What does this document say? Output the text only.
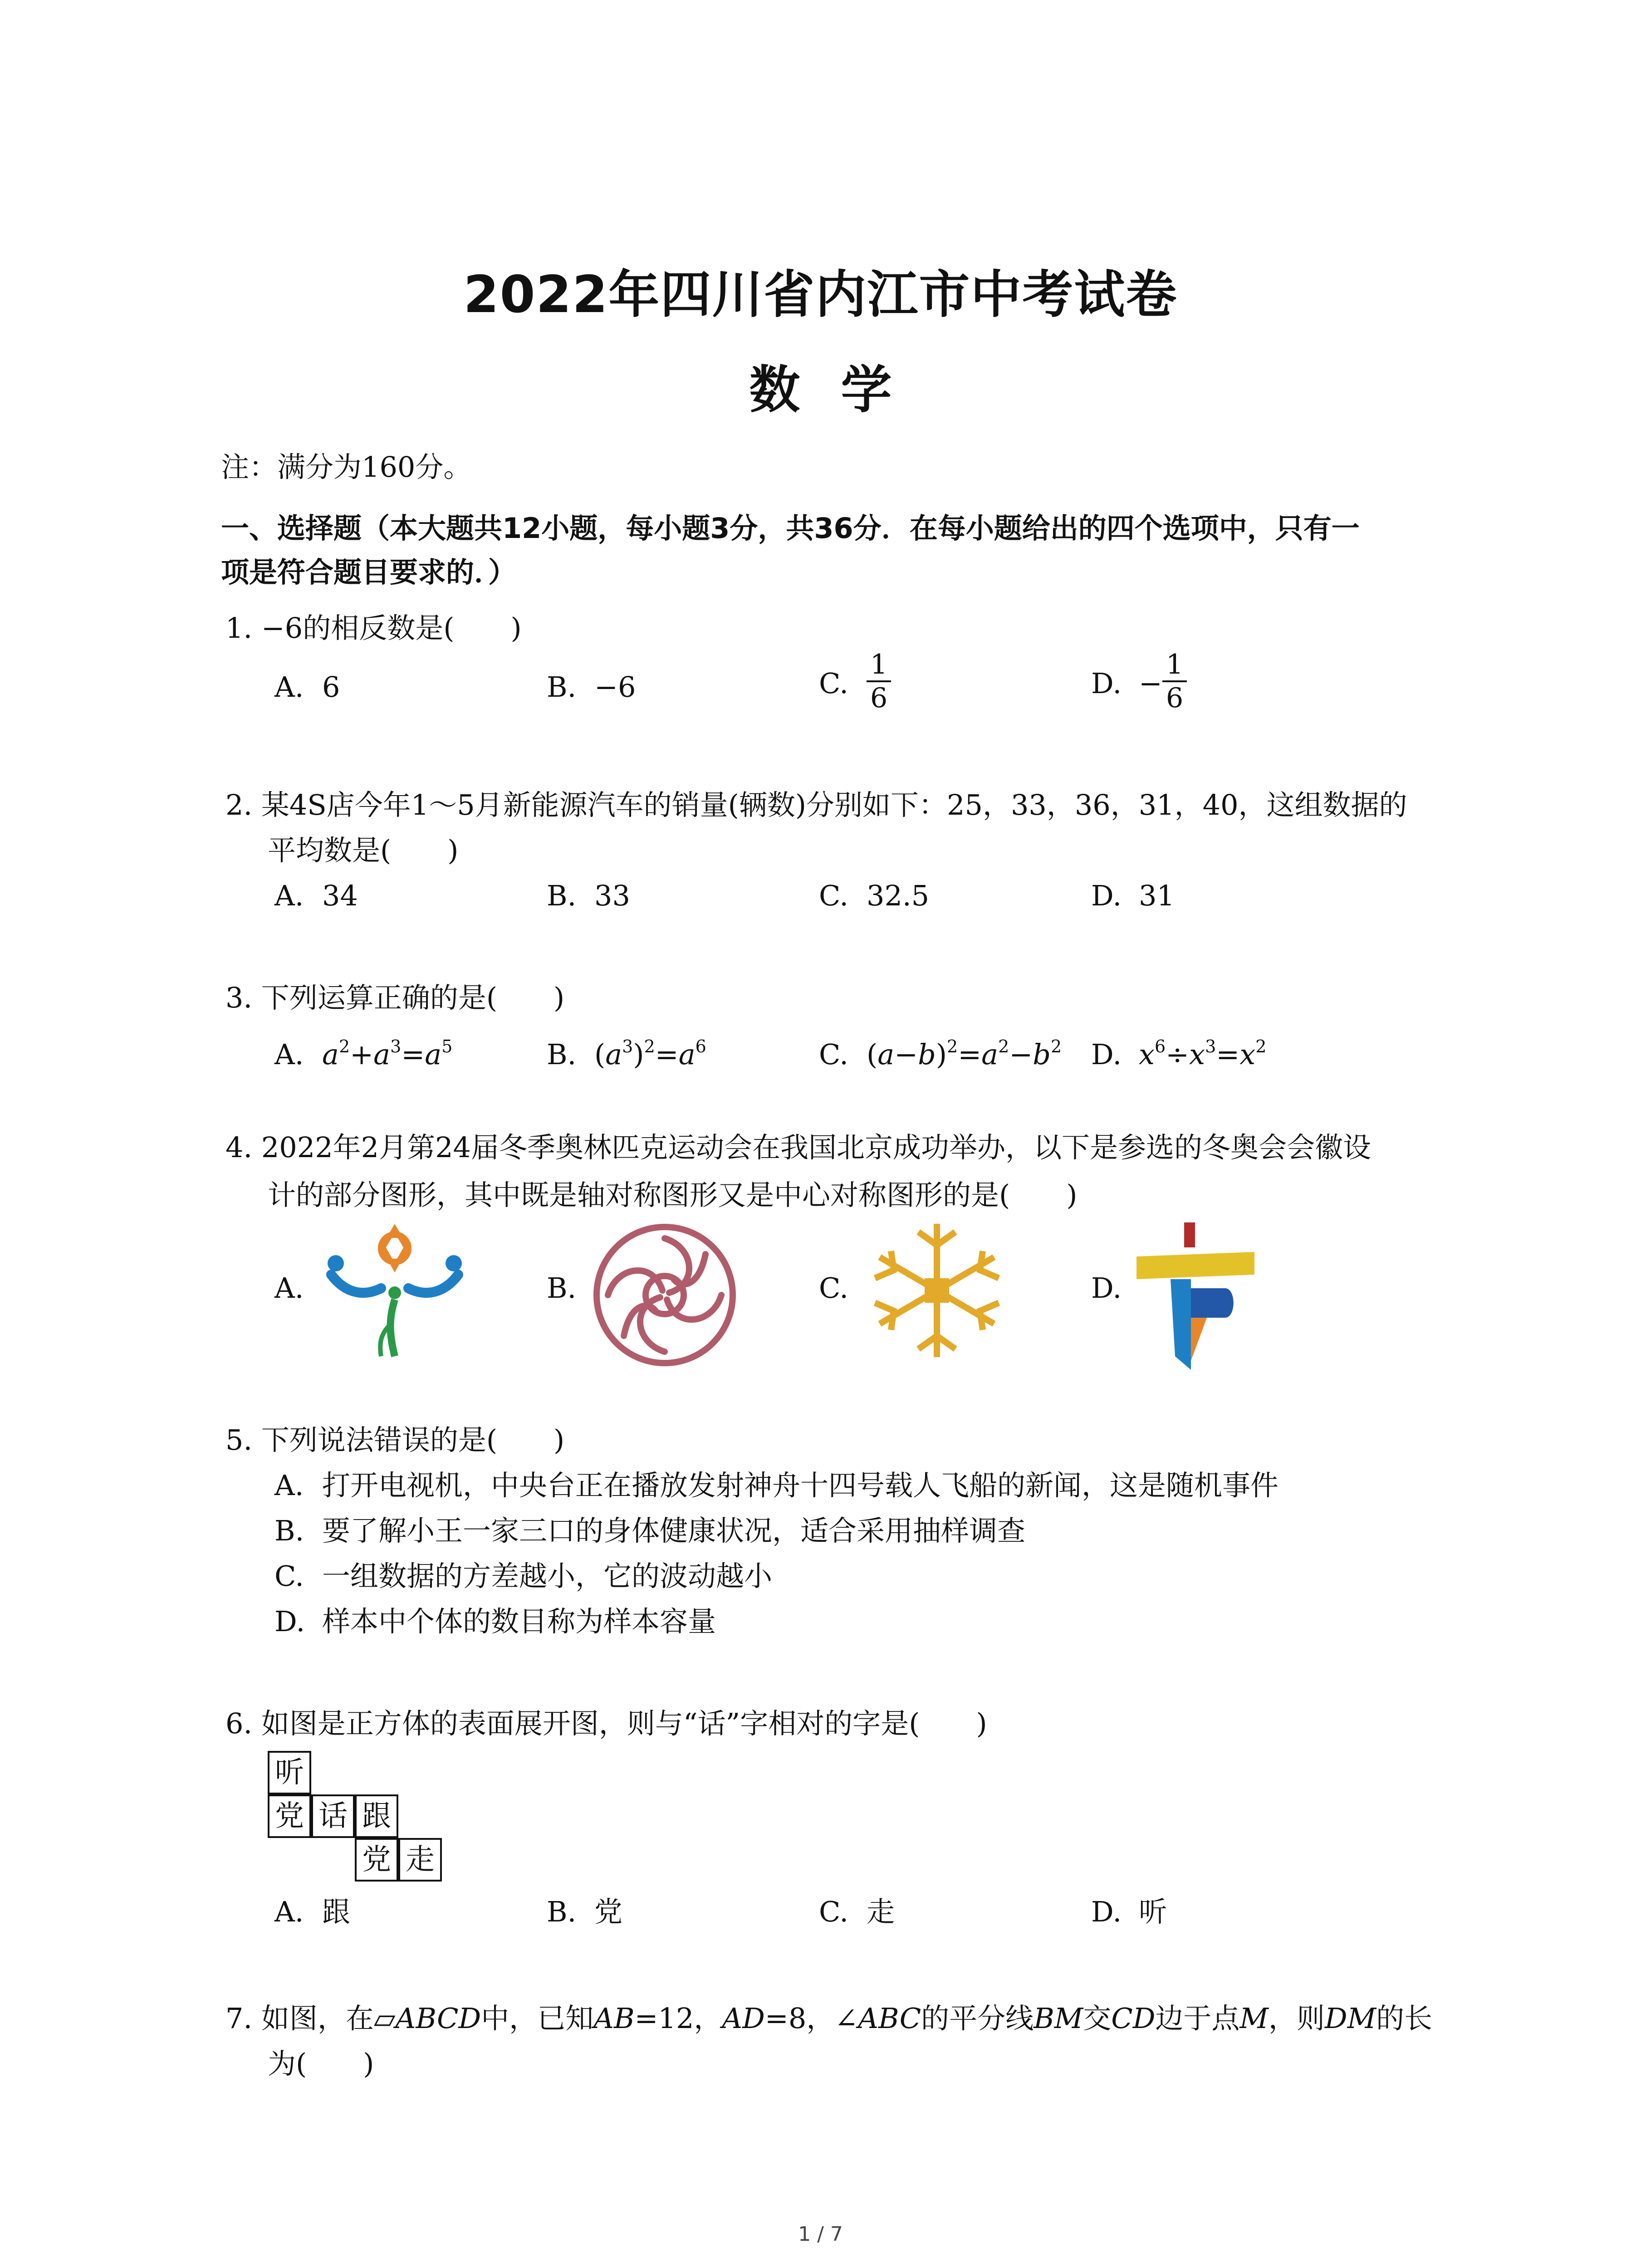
2022年四川省内江市中考试卷
数学
注：满分为160分。
一、选择题（本大题共12小题，每小题3分，共36分．在每小题给出的四个选项中，只有一
项是符合题目要求的．）
1. −6的相反数是(　　)
A. 6	B. −6	C. $\frac{1}{6}$	D. − $\frac{1}{6}$
2. 某4S店今年1～5月新能源汽车的销量(辆数)分别如下：25，33，36，31，40，这组数据的
平均数是(　　)
A. 34	B. 33	C. 32.5	D. 31
3. 下列运算正确的是(　　)
A. $a^2+a^3=a^5$	B. $(a^3)^2=a^6$	C. $(a-b)^2=a^2-b^2$ D. $x^6\div x^3=x^2$
4. 2022年2月第24届冬季奥林匹克运动会在我国北京成功举办，以下是参选的冬奥会会徽设
计的部分图形，其中既是轴对称图形又是中心对称图形的是(　　)
A.	B.	C.	D.
5. 下列说法错误的是(　　)
A. 打开电视机，中央台正在播放发射神舟十四号载人飞船的新闻，这是随机事件
B. 要了解小王一家三口的身体健康状况，适合采用抽样调查
C. 一组数据的方差越小，它的波动越小
D. 样本中个体的数目称为样本容量
6. 如图是正方体的表面展开图，则与“话”字相对的字是(　　)
听
党 话 跟
党 走
A. 跟	B. 党	C. 走	D. 听
7. 如图，在▱ABCD中，已知AB=12，AD=8，∠ABC的平分线BM交CD边于点M，则DM的长
为(　　)
1 / 7
